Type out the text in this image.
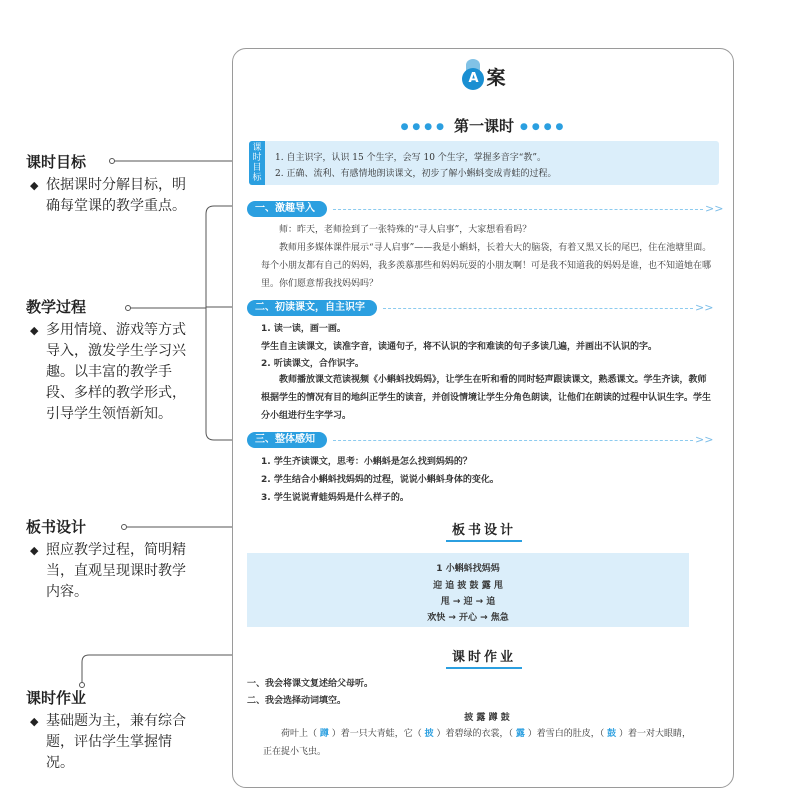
课时目标
◆ 依据课时分解目标，明确每堂课的教学重点。
教学过程
◆ 多用情境、游戏等方式导入，激发学生学习兴趣。以丰富的教学手段、多样的教学形式，引导学生领悟新知。
板书设计
◆ 照应教学过程，简明精当，直观呈现课时教学内容。
课时作业
◆ 基础题为主，兼有综合题，评估学生掌握情况。
A 案
●●●● 第一课时 ●●●●
课
时
目
标
1. 自主识字，认识 15 个生字，会写 10 个生字，掌握多音字“教”。
2. 正确、流利、有感情地朗读课文，初步了解小蝌蚪变成青蛙的过程。
一、激趣导入	>>
师：昨天，老师捡到了一张特殊的“寻人启事”，大家想看看吗？
教师用多媒体课件展示“寻人启事”——我是小蝌蚪，长着大大的脑袋，有着又黑又长的尾巴，住在池塘里面。每个小朋友都有自己的妈妈，我多羡慕那些和妈妈玩耍的小朋友啊！可是我不知道我的妈妈是谁，也不知道她在哪里。你们愿意帮我找妈妈吗？
二、初读课文，自主识字	>>
1. 读一读，画一画。
学生自主读课文，读准字音，读通句子，将不认识的字和难读的句子多读几遍，并画出不认识的字。
2. 听读课文，合作识字。
教师播放课文范读视频《小蝌蚪找妈妈》，让学生在听和看的同时轻声跟读课文，熟悉课文。学生齐读，教师根据学生的情况有目的地纠正学生的读音，并创设情境让学生分角色朗读，让他们在朗读的过程中认识生字。学生分小组进行生字学习。
三、整体感知	>>
1. 学生齐读课文，思考：小蝌蚪是怎么找到妈妈的？
2. 学生结合小蝌蚪找妈妈的过程，说说小蝌蚪身体的变化。
3. 学生说说青蛙妈妈是什么样子的。
板书设计
1 小蝌蚪找妈妈
迎 追 披 鼓 露 甩
甩 → 迎 → 追
欢快 → 开心 → 焦急
课时作业
一、我会将课文复述给父母听。
二、我会选择动词填空。
披 露 蹲 鼓
荷叶上（ 蹲 ）着一只大青蛙，它（ 披 ）着碧绿的衣裳，（ 露 ）着雪白的肚皮，（ 鼓 ）着一对大眼睛，
正在捉小飞虫。
